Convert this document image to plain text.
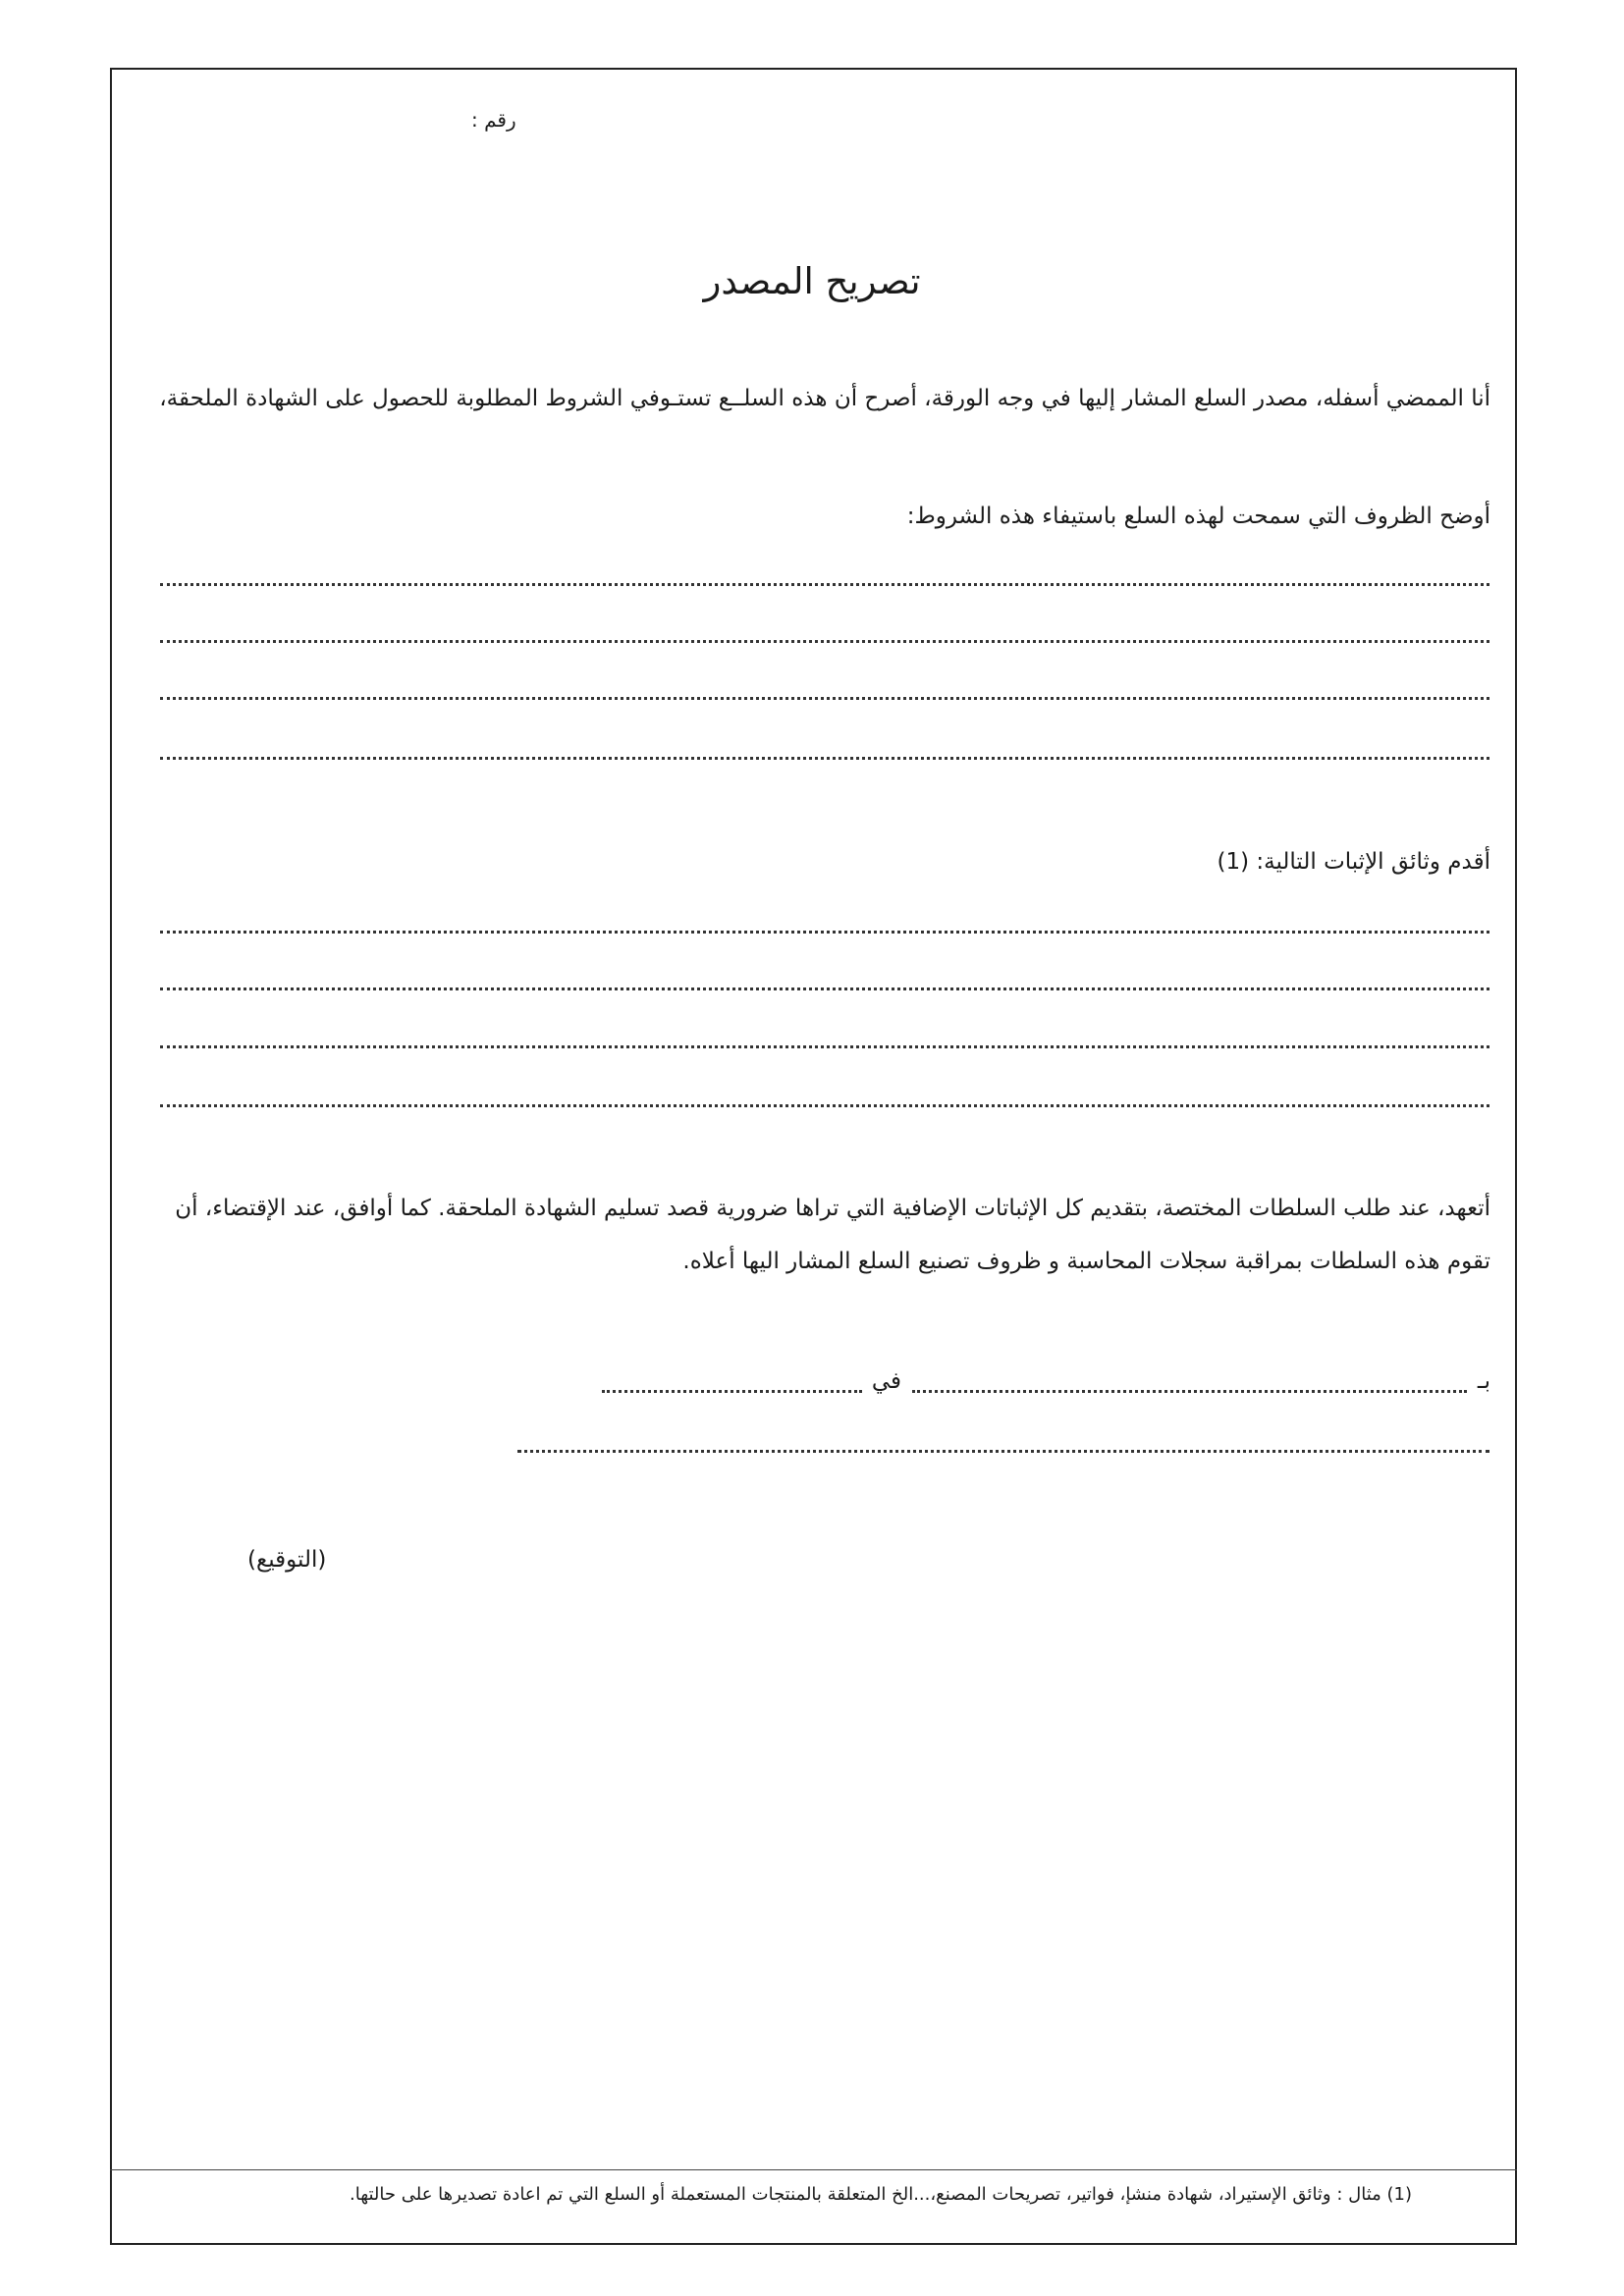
رقم :
تصريح المصدر
أنا الممضي أسفله، مصدر السلع المشار إليها في وجه الورقة، أصرح أن هذه السلــع تستـوفي الشروط المطلوبة للحصول على الشهادة الملحقة،
أوضح الظروف التي سمحت لهذه السلع باستيفاء هذه الشروط:
أقدم وثائق الإثبات التالية: (1)
أتعهد، عند طلب السلطات المختصة، بتقديم كل الإثباتات الإضافية التي تراها ضرورية قصد تسليم الشهادة الملحقة. كما أوافق، عند الإقتضاء، أن
تقوم هذه السلطات بمراقبة سجلات المحاسبة و ظروف تصنيع السلع المشار اليها أعلاه.
بـ
في
(التوقيع)
(1) مثال : وثائق الإستيراد، شهادة منشإ، فواتير، تصريحات المصنع،...الخ المتعلقة بالمنتجات المستعملة أو السلع التي تم اعادة تصديرها على حالتها.
